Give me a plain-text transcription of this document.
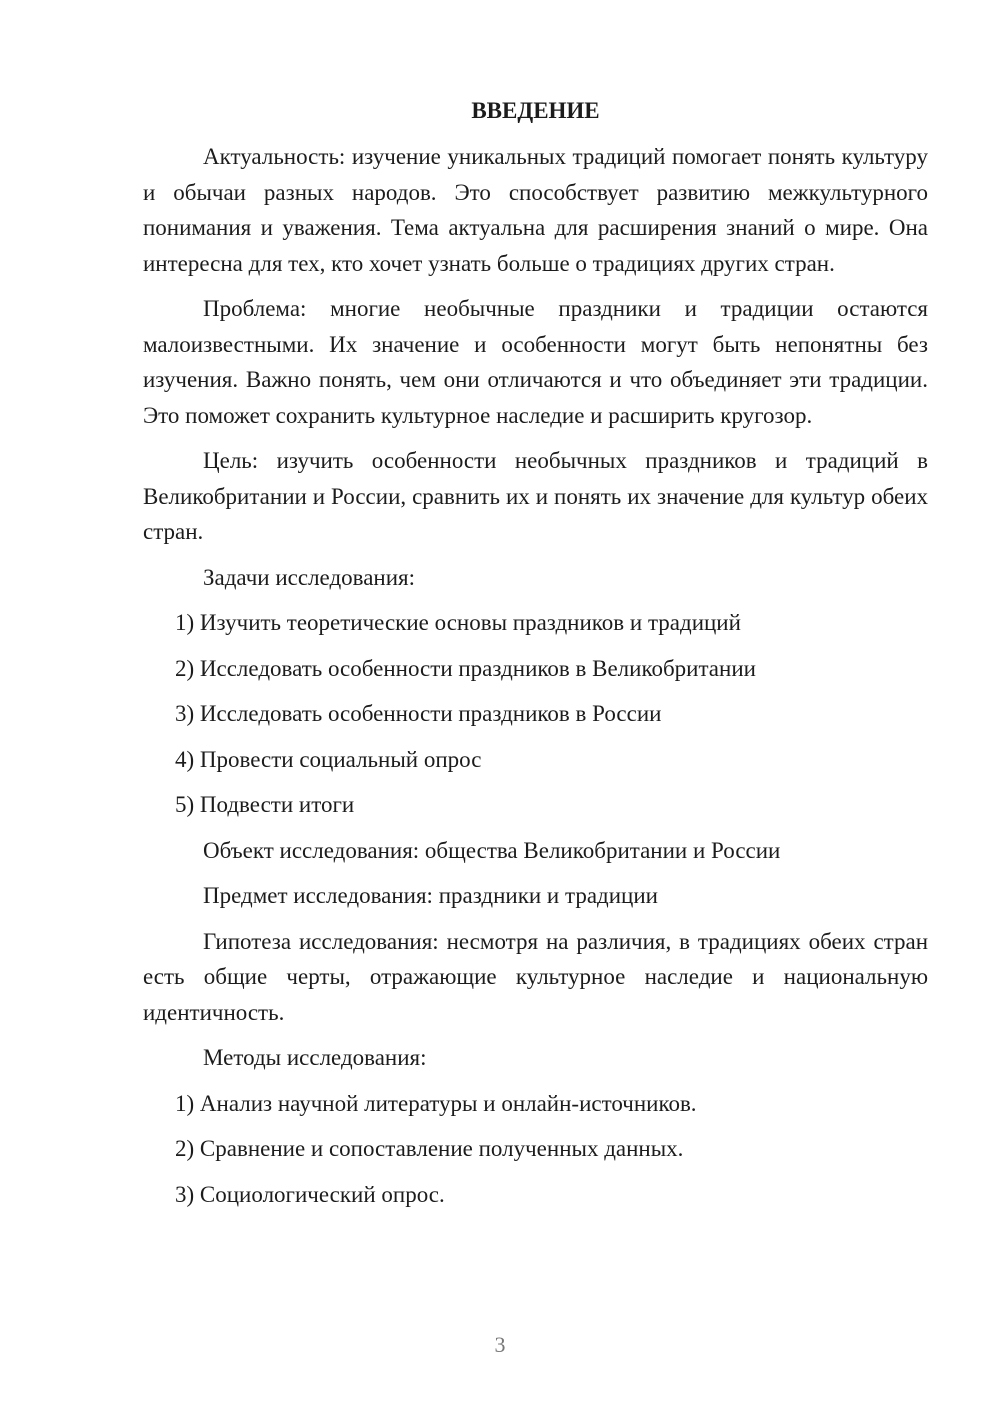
ВВЕДЕНИЕ
Актуальность: изучение уникальных традиций помогает понять культуру и обычаи разных народов. Это способствует развитию межкультурного понимания и уважения. Тема актуальна для расширения знаний о мире. Она интересна для тех, кто хочет узнать больше о традициях других стран.
Проблема: многие необычные праздники и традиции остаются малоизвестными. Их значение и особенности могут быть непонятны без изучения. Важно понять, чем они отличаются и что объединяет эти традиции. Это поможет сохранить культурное наследие и расширить кругозор.
Цель: изучить особенности необычных праздников и традиций в Великобритании и России, сравнить их и понять их значение для культур обеих стран.
Задачи исследования:
1) Изучить теоретические основы праздников и традиций
2) Исследовать особенности праздников в Великобритании
3) Исследовать особенности праздников в России
4) Провести социальный опрос
5) Подвести итоги
Объект исследования: общества Великобритании и России
Предмет исследования: праздники и традиции
Гипотеза исследования: несмотря на различия, в традициях обеих стран есть общие черты, отражающие культурное наследие и национальную идентичность.
Методы исследования:
1) Анализ научной литературы и онлайн-источников.
2) Сравнение и сопоставление полученных данных.
3) Социологический опрос.
3
